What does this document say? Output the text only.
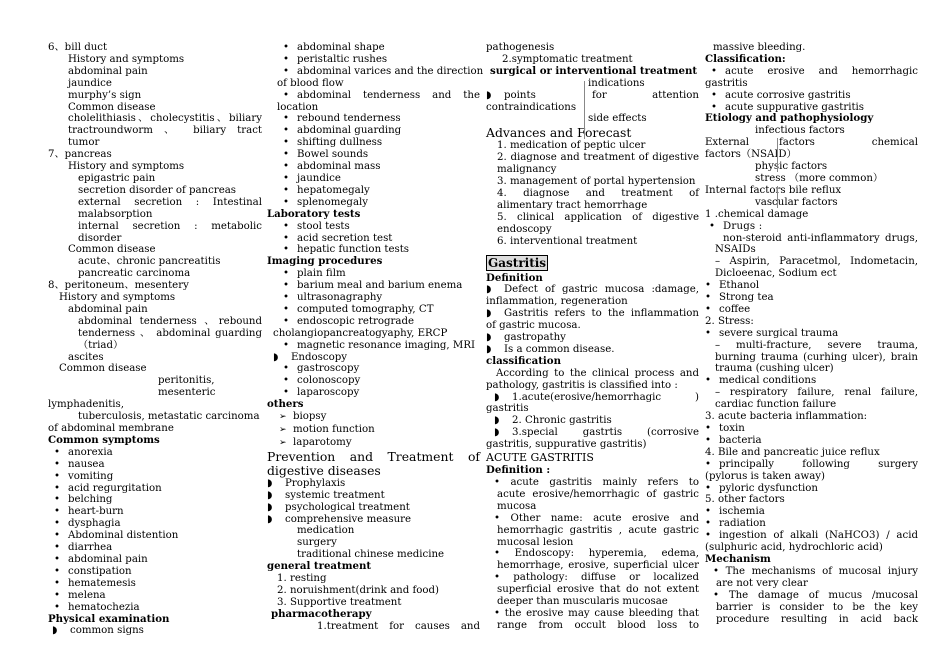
6、bill duct
History and symptoms
abdominal pain
jaundice
murphy’s sign
Common disease
cholelithiasis、cholecystitis、biliary
tractroundworm 、 biliary tract
tumor
7、pancreas
History and symptoms
epigastric pain
secretion disorder of pancreas
external secretion : Intestinal
malabsorption
internal secretion : metabolic
disorder
Common disease
acute、chronic pancreatitis
pancreatic carcinoma
8、peritoneum、mesentery
History and symptoms
abdominal pain
abdominal tenderness 、rebound
tenderness 、 abdominal guarding
（triad）
ascites
Common disease
peritonitis, mesenteric
lymphadenitis,
tuberculosis, metastatic carcinoma
of abdominal membrane
Common symptoms
• anorexia
• nausea
• vomiting
• acid regurgitation
• belching
• heart-burn
• dysphagia
• Abdominal distention
• diarrhea
• abdominal pain
• constipation
• hematemesis
• melena
• hematochezia
Physical examination
◗ common signs
• abdominal shape
• peristaltic rushes
• abdominal varices and the direction
of blood flow
• abdominal tenderness and the
location
• rebound tenderness
• abdominal guarding
• shifting dullness
• Bowel sounds
• abdominal mass
• jaundice
• hepatomegaly
• splenomegaly
Laboratory tests
• stool tests
• acid secretion test
• hepatic function tests
Imaging procedures
• plain film
• barium meal and barium enema
• ultrasonagraphy
• computed tomography, CT
• endoscopic retrograde
cholangiopancreatogyaphy, ERCP
• magnetic resonance imaging, MRI
◗ Endoscopy
• gastroscopy
• colonoscopy
• laparoscopy
others
➢ biopsy
➢ motion function
➢ laparotomy
Prevention and Treatment of
digestive diseases
◗ Prophylaxis
◗ systemic treatment
◗ psychological treatment
◗ comprehensive measure
medication
surgery
traditional chinese medicine
general treatment
1. resting
2. noruishment(drink and food)
3. Supportive treatment
pharmacotherapy
1.treatment for causes and
pathogenesis
2.symptomatic treatment
surgical or interventional treatment
indications
◗ points	for	attention
contraindications
side effects
Advances and Forecast
1. medication of peptic ulcer
2. diagnose and treatment of digestive
malignancy
3. management of portal hypertension
4. diagnose and treatment of
alimentary tract hemorrhage
5. clinical application of digestive
endoscopy
6. interventional treatment
Gastritis
Definition
◗ Defect of gastric mucosa :damage,
inflammation, regeneration
◗ Gastritis refers to the inflammation
of gastric mucosa.
◗ gastropathy
◗ Is a common disease.
classification
According to the clinical process and
pathology, gastritis is classified into :
◗ 1.acute(erosive/hemorrhagic )
gastritis
◗ 2. Chronic gastritis
◗ 3.special gastrtis (corrosive
gastritis, suppurative gastritis)
ACUTE GASTRITIS
Definition :
• acute gastritis mainly refers to
acute erosive/hemorrhagic of gastric
mucosa
• Other name: acute erosive and
hemorrhagic gastritis , acute gastric
mucosal lesion
• Endoscopy: hyperemia, edema,
hemorrhage, erosive, superficial ulcer
• pathology: diffuse or localized
superficial erosive that do not extent
deeper than muscularis mucosae
• the erosive may cause bleeding that
range from occult blood loss to
massive bleeding.
Classification:
• acute erosive and hemorrhagic
gastritis
• acute corrosive gastritis
• acute suppurative gastritis
Etiology and pathophysiology
infectious factors
External	factors	chemical
factors（NSAID）
physic factors
stress （more common）
Internal factors bile reflux
vascular factors
1 .chemical damage
• Drugs :
non-steroid anti-inflammatory drugs,
NSAIDs
– Aspirin, Paracetmol, Indometacin,
Dicloeenac, Sodium ect
• Ethanol
• Strong tea
• coffee
2. Stress:
• severe surgical trauma
– multi-fracture, severe trauma,
burning trauma (curhing ulcer), brain
trauma (cushing ulcer)
• medical conditions
– respiratory failure, renal failure,
cardiac function failure
3. acute bacteria inflammation:
• toxin
• bacteria
4. Bile and pancreatic juice reflux
• principally following surgery
(pylorus is taken away)
• pyloric dysfunction
5. other factors
• ischemia
• radiation
• ingestion of alkali (NaHCO3) / acid
(sulphuric acid, hydrochloric acid)
Mechanism
• The mechanisms of mucosal injury
are not very clear
• The damage of mucus /mucosal
barrier is consider to be the key
procedure resulting in acid back
